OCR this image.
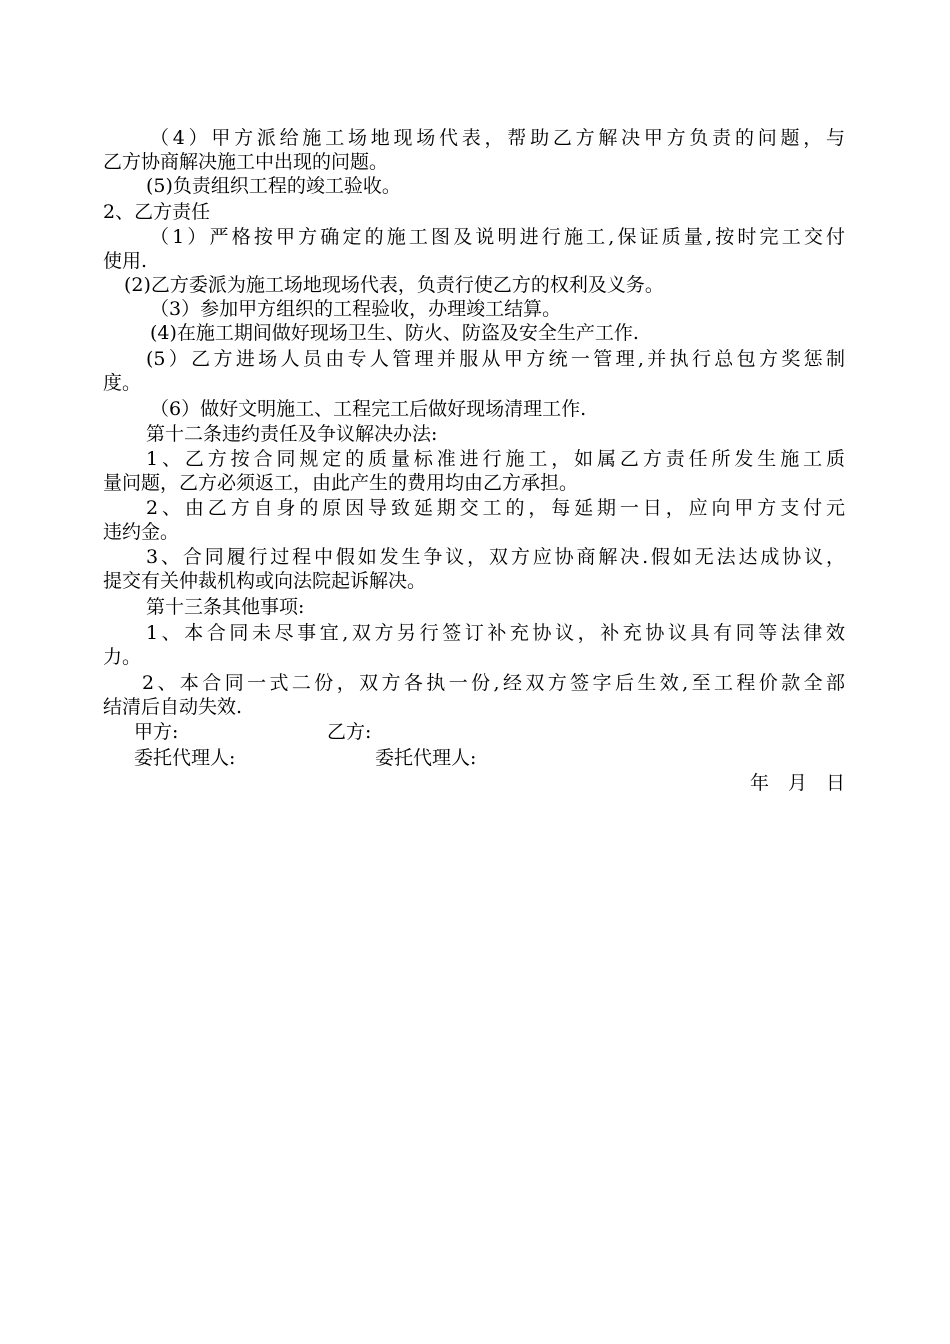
（4）甲方派给施工场地现场代表，帮助乙方解决甲方负责的问题，与
乙方协商解决施工中出现的问题。
(5)负责组织工程的竣工验收。
2、乙方责任
（1）严格按甲方确定的施工图及说明进行施工,保证质量,按时完工交付
使用.
(2)乙方委派为施工场地现场代表，负责行使乙方的权利及义务。
（3）参加甲方组织的工程验收，办理竣工结算。
(4)在施工期间做好现场卫生、防火、防盗及安全生产工作.
(5）乙方进场人员由专人管理并服从甲方统一管理,并执行总包方奖惩制
度。
（6）做好文明施工、工程完工后做好现场清理工作.
第十二条违约责任及争议解决办法:
1、乙方按合同规定的质量标准进行施工，如属乙方责任所发生施工质
量问题，乙方必须返工，由此产生的费用均由乙方承担。
2、由乙方自身的原因导致延期交工的，每延期一日，应向甲方支付元
违约金。
3、合同履行过程中假如发生争议，双方应协商解决.假如无法达成协议，
提交有关仲裁机构或向法院起诉解决。
第十三条其他事项:
1、本合同未尽事宜,双方另行签订补充协议，补充协议具有同等法律效
力。
2、本合同一式二份，双方各执一份,经双方签字后生效,至工程价款全部
结清后自动失效.
甲方:	乙方:
委托代理人:	委托代理人:
年　月　日
